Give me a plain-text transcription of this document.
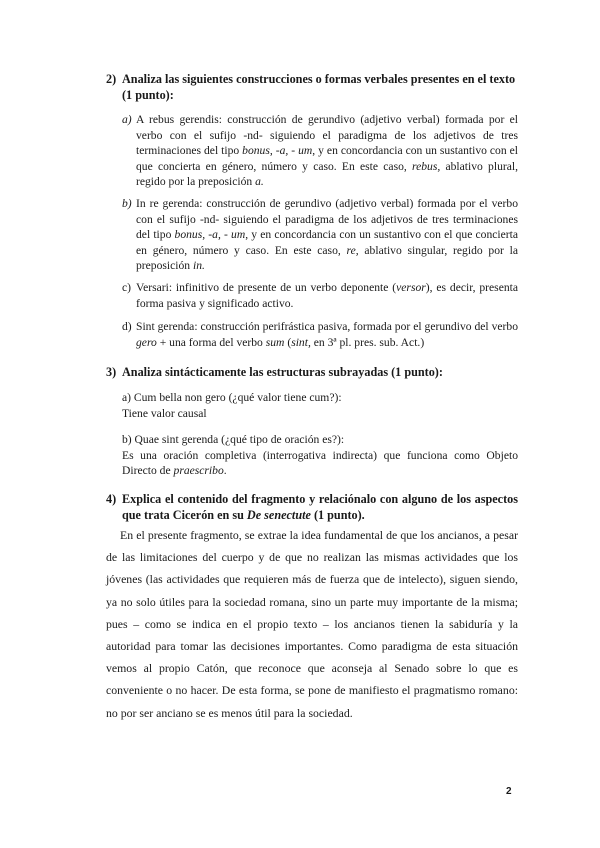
2) Analiza las siguientes construcciones o formas verbales presentes en el texto (1 punto):
a) A rebus gerendis: construcción de gerundivo (adjetivo verbal) formada por el verbo con el sufijo -nd- siguiendo el paradigma de los adjetivos de tres terminaciones del tipo bonus, -a, - um, y en concordancia con un sustantivo con el que concierta en género, número y caso. En este caso, rebus, ablativo plural, regido por la preposición a.
b) In re gerenda: construcción de gerundivo (adjetivo verbal) formada por el verbo con el sufijo -nd- siguiendo el paradigma de los adjetivos de tres terminaciones del tipo bonus, -a, - um, y en concordancia con un sustantivo con el que concierta en género, número y caso. En este caso, re, ablativo singular, regido por la preposición in.
c) Versari: infinitivo de presente de un verbo deponente (versor), es decir, presenta forma pasiva y significado activo.
d) Sint gerenda: construcción perifrástica pasiva, formada por el gerundivo del verbo gero + una forma del verbo sum (sint, en 3ª pl. pres. sub. Act.)
3) Analiza sintácticamente las estructuras subrayadas (1 punto):
a) Cum bella non gero (¿qué valor tiene cum?):
Tiene valor causal
b) Quae sint gerenda (¿qué tipo de oración es?):
Es una oración completiva (interrogativa indirecta) que funciona como Objeto Directo de praescribo.
4) Explica el contenido del fragmento y relaciónalo con alguno de los aspectos que trata Cicerón en su De senectute (1 punto).
En el presente fragmento, se extrae la idea fundamental de que los ancianos, a pesar de las limitaciones del cuerpo y de que no realizan las mismas actividades que los jóvenes (las actividades que requieren más de fuerza que de intelecto), siguen siendo, ya no solo útiles para la sociedad romana, sino un parte muy importante de la misma; pues – como se indica en el propio texto – los ancianos tienen la sabiduría y la autoridad para tomar las decisiones importantes. Como paradigma de esta situación vemos al propio Catón, que reconoce que aconseja al Senado sobre lo que es conveniente o no hacer. De esta forma, se pone de manifiesto el pragmatismo romano: no por ser anciano se es menos útil para la sociedad.
2
